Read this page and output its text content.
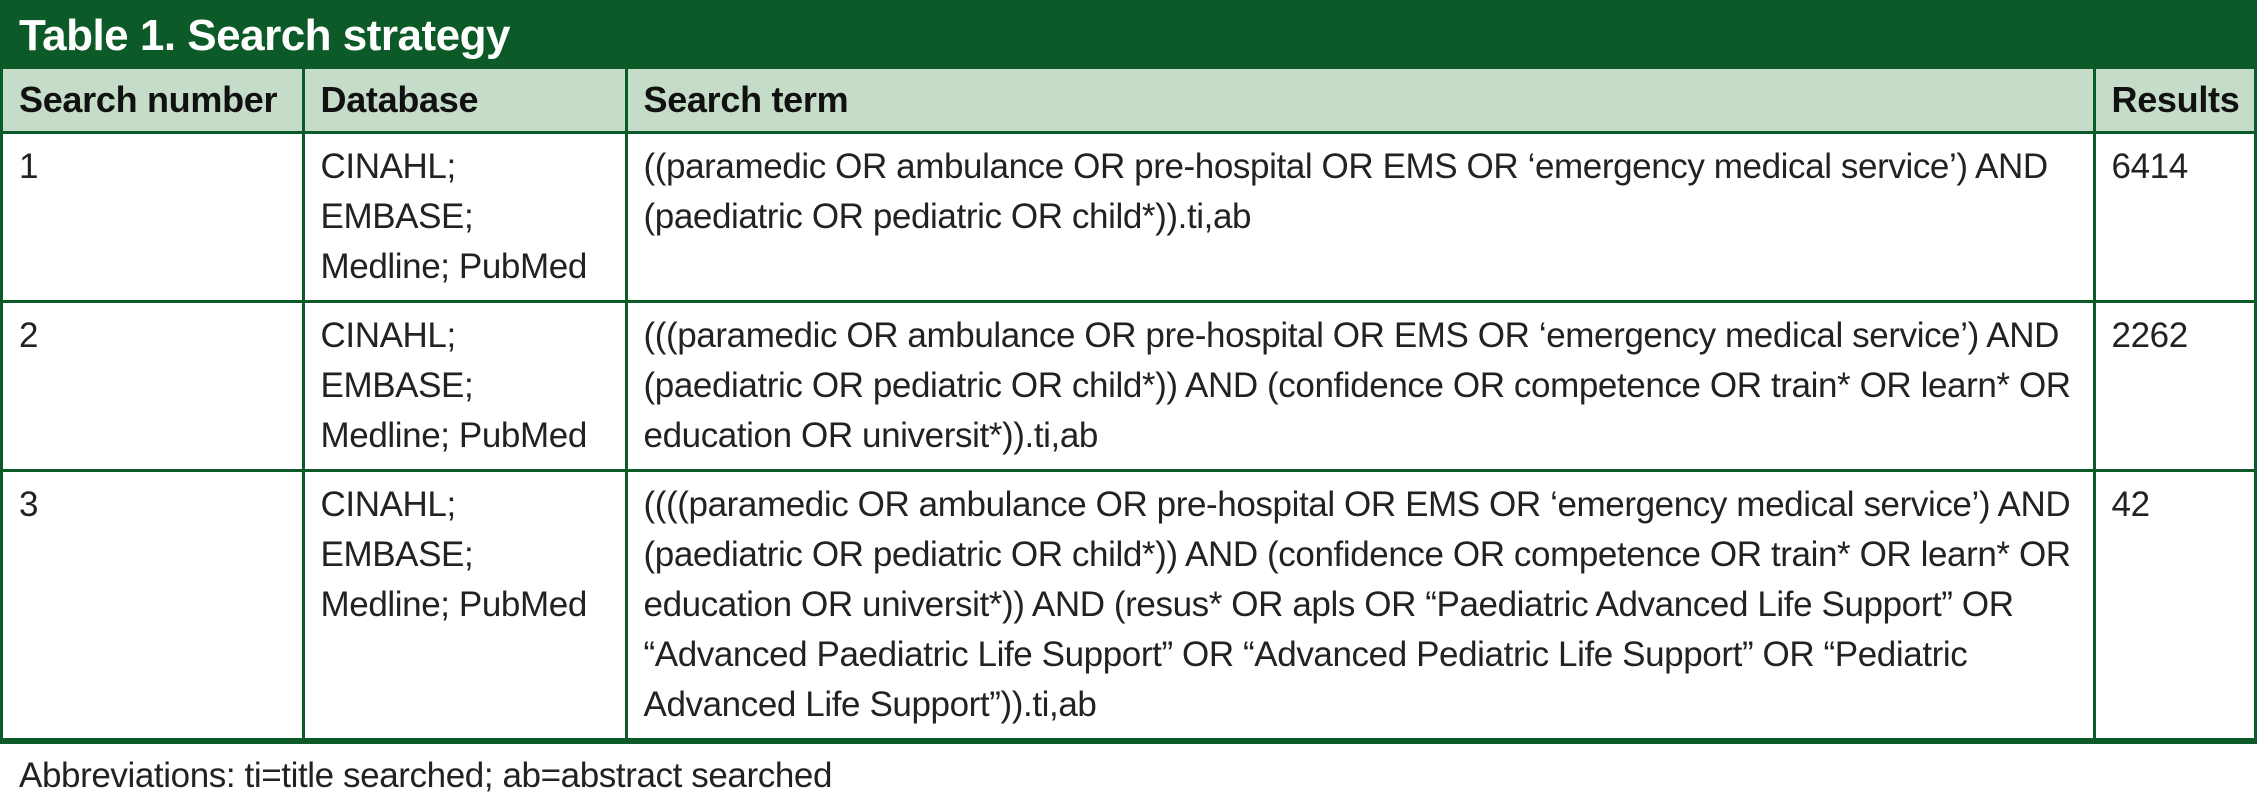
Table 1. Search strategy
Search number	Database	Search term	Results
1	CINAHL; EMBASE; Medline; PubMed	((paramedic OR ambulance OR pre-hospital OR EMS OR ‘emergency medical service’) AND (paediatric OR pediatric OR child*)).ti,ab	6414
2	CINAHL; EMBASE; Medline; PubMed	(((paramedic OR ambulance OR pre-hospital OR EMS OR ‘emergency medical service’) AND (paediatric OR pediatric OR child*)) AND (confidence OR competence OR train* OR learn* OR education OR universit*)).ti,ab	2262
3	CINAHL; EMBASE; Medline; PubMed	((((paramedic OR ambulance OR pre-hospital OR EMS OR ‘emergency medical service’) AND (paediatric OR pediatric OR child*)) AND (confidence OR competence OR train* OR learn* OR education OR universit*)) AND (resus* OR apls OR “Paediatric Advanced Life Support” OR “Advanced Paediatric Life Support” OR “Advanced Pediatric Life Support” OR “Pediatric Advanced Life Support”)).ti,ab	42
Abbreviations: ti=title searched; ab=abstract searched
